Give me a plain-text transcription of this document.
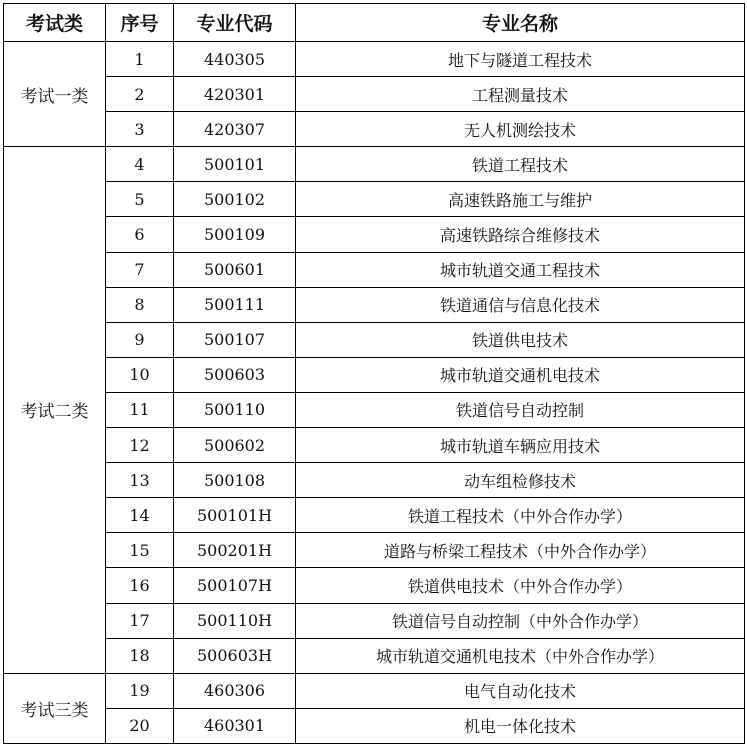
考试类	序号	专业代码	专业名称
考试一类	1	440305	地下与隧道工程技术
	2	420301	工程测量技术
	3	420307	无人机测绘技术
考试二类	4	500101	铁道工程技术
	5	500102	高速铁路施工与维护
	6	500109	高速铁路综合维修技术
	7	500601	城市轨道交通工程技术
	8	500111	铁道通信与信息化技术
	9	500107	铁道供电技术
	10	500603	城市轨道交通机电技术
	11	500110	铁道信号自动控制
	12	500602	城市轨道车辆应用技术
	13	500108	动车组检修技术
	14	500101H	铁道工程技术（中外合作办学）
	15	500201H	道路与桥梁工程技术（中外合作办学）
	16	500107H	铁道供电技术（中外合作办学）
	17	500110H	铁道信号自动控制（中外合作办学）
	18	500603H	城市轨道交通机电技术（中外合作办学）
考试三类	19	460306	电气自动化技术
	20	460301	机电一体化技术
